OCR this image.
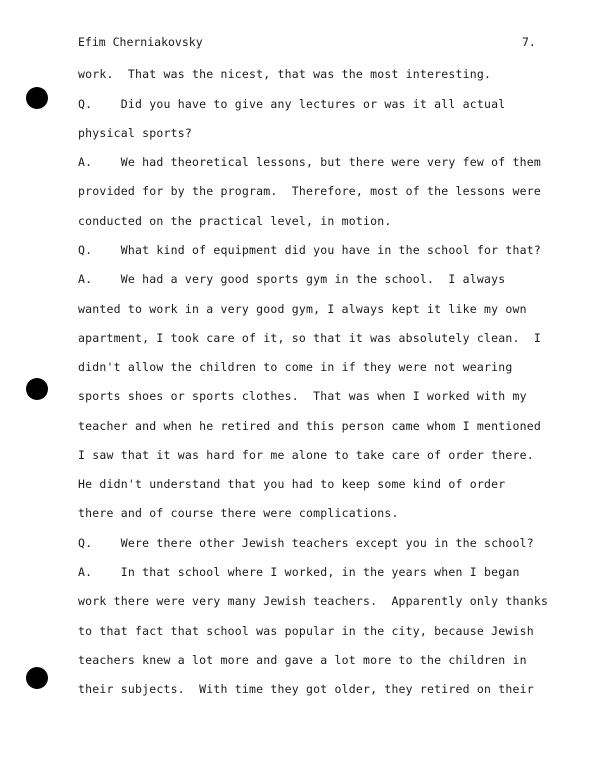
Efim Cherniakovsky	7.
work.  That was the nicest, that was the most interesting.
Q.    Did you have to give any lectures or was it all actual
physical sports?
A.    We had theoretical lessons, but there were very few of them
provided for by the program.  Therefore, most of the lessons were
conducted on the practical level, in motion.
Q.    What kind of equipment did you have in the school for that?
A.    We had a very good sports gym in the school.  I always
wanted to work in a very good gym, I always kept it like my own
apartment, I took care of it, so that it was absolutely clean.  I
didn't allow the children to come in if they were not wearing
sports shoes or sports clothes.  That was when I worked with my
teacher and when he retired and this person came whom I mentioned
I saw that it was hard for me alone to take care of order there.
He didn't understand that you had to keep some kind of order
there and of course there were complications.
Q.    Were there other Jewish teachers except you in the school?
A.    In that school where I worked, in the years when I began
work there were very many Jewish teachers.  Apparently only thanks
to that fact that school was popular in the city, because Jewish
teachers knew a lot more and gave a lot more to the children in
their subjects.  With time they got older, they retired on their
